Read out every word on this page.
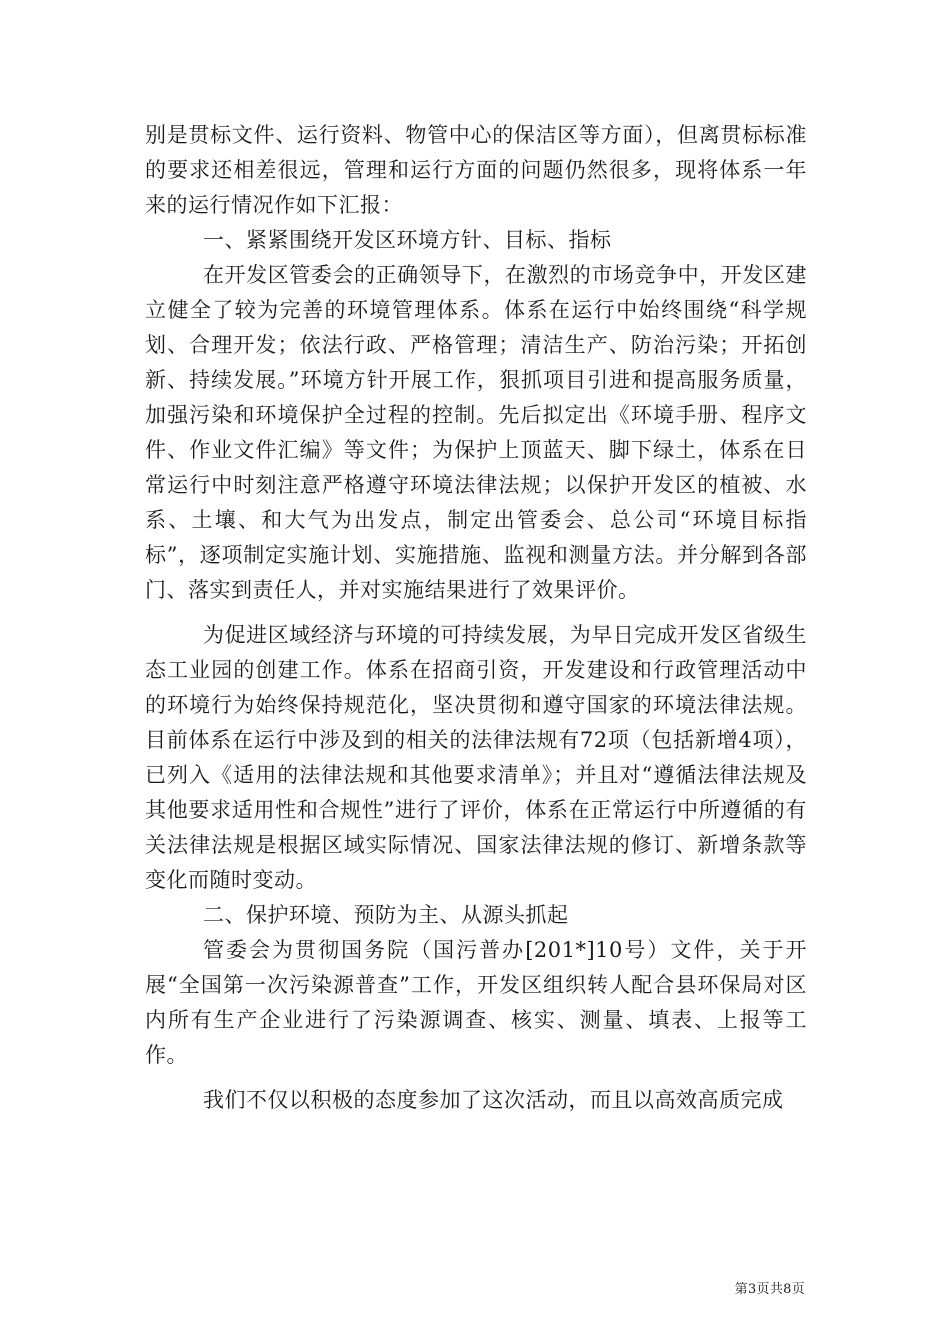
别是贯标文件、运行资料、物管中心的保洁区等方面），但离贯标标准的要求还相差很远，管理和运行方面的问题仍然很多，现将体系一年来的运行情况作如下汇报：

一、紧紧围绕开发区环境方针、目标、指标

在开发区管委会的正确领导下，在激烈的市场竞争中，开发区建立健全了较为完善的环境管理体系。体系在运行中始终围绕“科学规划、合理开发；依法行政、严格管理；清洁生产、防治污染；开拓创新、持续发展。”环境方针开展工作，狠抓项目引进和提高服务质量，加强污染和环境保护全过程的控制。先后拟定出《环境手册、程序文件、作业文件汇编》等文件；为保护上顶蓝天、脚下绿土，体系在日常运行中时刻注意严格遵守环境法律法规；以保护开发区的植被、水系、土壤、和大气为出发点，制定出管委会、总公司“环境目标指标”，逐项制定实施计划、实施措施、监视和测量方法。并分解到各部门、落实到责任人，并对实施结果进行了效果评价。

为促进区域经济与环境的可持续发展，为早日完成开发区省级生态工业园的创建工作。体系在招商引资，开发建设和行政管理活动中的环境行为始终保持规范化，坚决贯彻和遵守国家的环境法律法规。目前体系在运行中涉及到的相关的法律法规有72项（包括新增4项），已列入《适用的法律法规和其他要求清单》；并且对“遵循法律法规及其他要求适用性和合规性”进行了评价，体系在正常运行中所遵循的有关法律法规是根据区域实际情况、国家法律法规的修订、新增条款等变化而随时变动。

二、保护环境、预防为主、从源头抓起

管委会为贯彻国务院（国污普办[201*]10号）文件，关于开展“全国第一次污染源普查”工作，开发区组织转人配合县环保局对区内所有生产企业进行了污染源调查、核实、测量、填表、上报等工作。

我们不仅以积极的态度参加了这次活动，而且以高效高质完成

第3页共8页
